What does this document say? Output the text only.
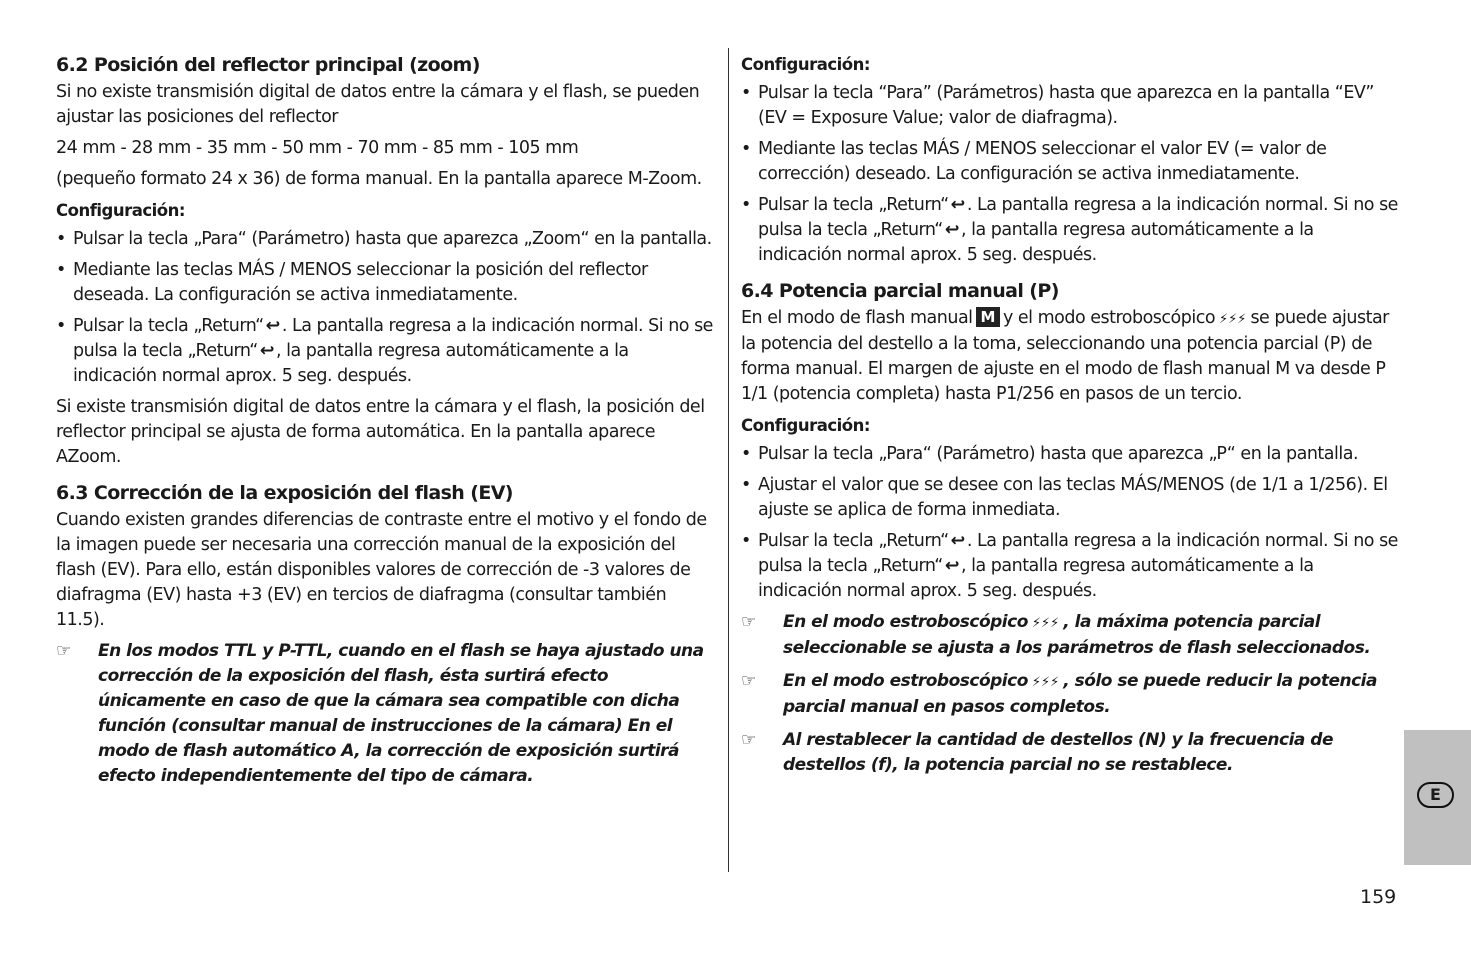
6.2 Posición del reflector principal (zoom)

Si no existe transmisión digital de datos entre la cámara y el flash, se pueden ajustar las posiciones del reflector

24 mm - 28 mm - 35 mm - 50 mm - 70 mm - 85 mm - 105 mm

(pequeño formato 24 x 36) de forma manual. En la pantalla aparece M-Zoom.

Configuración:
• Pulsar la tecla „Para“ (Parámetro) hasta que aparezca „Zoom“ en la pantalla.
• Mediante las teclas MÁS / MENOS seleccionar la posición del reflector deseada. La configuración se activa inmediatamente.
• Pulsar la tecla „Return“ ↩ . La pantalla regresa a la indicación normal. Si no se pulsa la tecla „Return“ ↩ , la pantalla regresa automáticamente a la indicación normal aprox. 5 seg. después.

Si existe transmisión digital de datos entre la cámara y el flash, la posición del reflector principal se ajusta de forma automática. En la pantalla aparece AZoom.

6.3 Corrección de la exposición del flash (EV)

Cuando existen grandes diferencias de contraste entre el motivo y el fondo de la imagen puede ser necesaria una corrección manual de la exposición del flash (EV). Para ello, están disponibles valores de corrección de -3 valores de diafragma (EV) hasta +3 (EV) en tercios de diafragma (consultar también 11.5).

☞ En los modos TTL y P-TTL, cuando en el flash se haya ajustado una corrección de la exposición del flash, ésta surtirá efecto únicamente en caso de que la cámara sea compatible con dicha función (consultar manual de instrucciones de la cámara) En el modo de flash automático A, la corrección de exposición surtirá efecto independientemente del tipo de cámara.
Configuración:
• Pulsar la tecla “Para” (Parámetros) hasta que aparezca en la pantalla “EV” (EV = Exposure Value; valor de diafragma).
• Mediante las teclas MÁS / MENOS seleccionar el valor EV (= valor de corrección) deseado. La configuración se activa inmediatamente.
• Pulsar la tecla „Return“ ↩ . La pantalla regresa a la indicación normal. Si no se pulsa la tecla „Return“ ↩ , la pantalla regresa automáticamente a la indicación normal aprox. 5 seg. después.
6.4 Potencia parcial manual (P)

En el modo de flash manual M y el modo estroboscópico ⚡⚡⚡ se puede ajustar la potencia del destello a la toma, seleccionando una potencia parcial (P) de forma manual. El margen de ajuste en el modo de flash manual M va desde P 1/1 (potencia completa) hasta P1/256 en pasos de un tercio.

Configuración:
• Pulsar la tecla „Para“ (Parámetro) hasta que aparezca „P“ en la pantalla.
• Ajustar el valor que se desee con las teclas MÁS/MENOS (de 1/1 a 1/256). El ajuste se aplica de forma inmediata.
• Pulsar la tecla „Return“ ↩ . La pantalla regresa a la indicación normal. Si no se pulsa la tecla „Return“ ↩ , la pantalla regresa automáticamente a la indicación normal aprox. 5 seg. después.
☞ En el modo estroboscópico ⚡⚡⚡ , la máxima potencia parcial seleccionable se ajusta a los parámetros de flash seleccionados.
☞ En el modo estroboscópico ⚡⚡⚡ , sólo se puede reducir la potencia parcial manual en pasos completos.
☞ Al restablecer la cantidad de destellos (N) y la frecuencia de destellos (f), la potencia parcial no se restablece.
E
159
